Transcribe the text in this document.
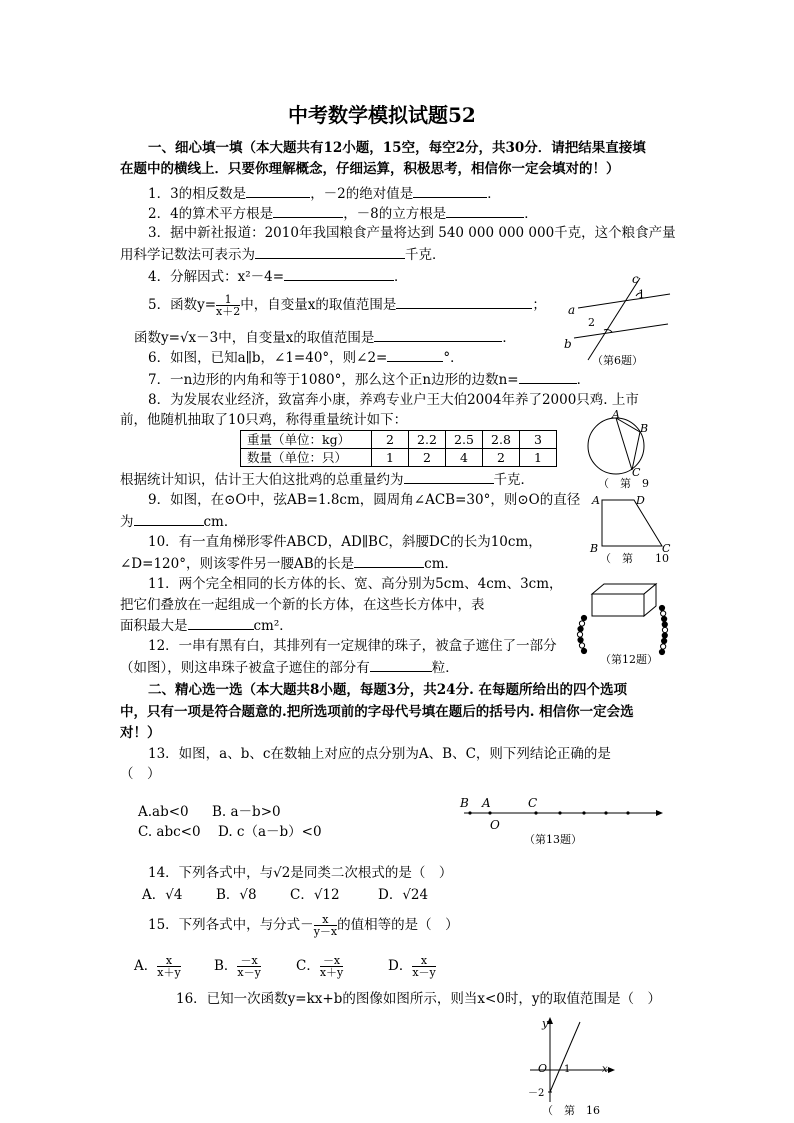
中考数学模拟试题52
一、细心填一填（本大题共有12小题，15空，每空2分，共30分．请把结果直接填
在题中的横线上．只要你理解概念，仔细运算，积极思考，相信你一定会填对的！）
1．3的相反数是	，－2的绝对值是	．
2．4的算术平方根是	，－8的立方根是	．
3．据中新社报道：2010年我国粮食产量将达到 540 000 000 000千克，这个粮食产量
用科学记数法可表示为	千克．
4．分解因式：x²－4=	．
5．函数$y= \frac{1}{x+2}$ 中，自变量x的取值范围是	；
函数y=√x－3中，自变量x的取值范围是	．
6．如图，已知a∥b，∠1=40°，则∠2=	°．
7．一n边形的内角和等于1080°，那么这个正n边形的边数n=	．
8．为发展农业经济，致富奔小康，养鸡专业户王大伯2004年养了2000只鸡. 上市
前，他随机抽取了10只鸡，称得重量统计如下：
重量（单位：kg）	2	2.2	2.5	2.8	3
数量（单位：只）	1	2	4	2	1
根据统计知识，估计王大伯这批鸡的总重量约为	千克．
9．如图，在⊙O中，弦AB=1.8cm，圆周角∠ACB=30°，则⊙O的直径
为	cm．
10．有一直角梯形零件ABCD，AD∥BC，斜腰DC的长为10cm，
∠D=120°，则该零件另一腰AB的长是	cm．
11．两个完全相同的长方体的长、宽、高分别为5cm、4cm、3cm，
把它们叠放在一起组成一个新的长方体，在这些长方体中，表
面积最大是	cm²．
12．一串有黑有白，其排列有一定规律的珠子，被盒子遮住了一部分
（如图），则这串珠子被盒子遮住的部分有	粒．
二、精心选一选（本大题共8小题，每题3分，共24分. 在每题所给出的四个选项
中，只有一项是符合题意的.把所选项前的字母代号填在题后的括号内. 相信你一定会选
对！）
13．如图，a、b、c在数轴上对应的点分别为A、B、C，则下列结论正确的是
（　）
A.ab<0 B. a－b>0
C. abc<0 D. c（a－b）<0
14．下列各式中，与√2是同类二次根式的是（　）
A．√4 B．√8 C．√12	D．√24
15．下列各式中，与分式－ $\frac{x}{y-x}$ 的值相等的是（　）
A． $\frac{x}{x+y}$ B． $\frac{-x}{x-y}$	C． $\frac{-x}{x+y}$	D． $\frac{x}{x-y}$
16．已知一次函数y=kx+b的图像如图所示，则当x<0时，y的取值范围是（　）
c
1
a
2
b
（第6题）
A
B
C
（　第　9
A	D
B	C
（　第　　10
（第12题）
B A	C
O
（第13题）
y
O 1	x
－2
（　第　16
